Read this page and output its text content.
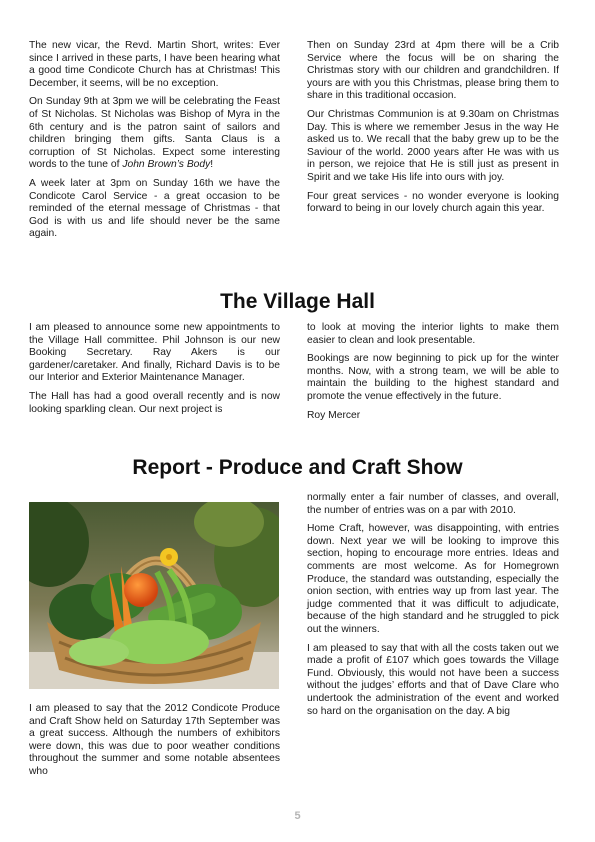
The new vicar, the Revd. Martin Short, writes: Ever since I arrived in these parts, I have been hearing what a good time Condicote Church has at Christmas! This December, it seems, will be no exception.

On Sunday 9th at 3pm we will be celebrating the Feast of St Nicholas. St Nicholas was Bishop of Myra in the 6th century and is the patron saint of sailors and children bringing them gifts. Santa Claus is a corruption of St Nicholas. Expect some interesting words to the tune of John Brown’s Body!

A week later at 3pm on Sunday 16th we have the Condicote Carol Service - a great occasion to be reminded of the eternal message of Christmas - that God is with us and life should never be the same again.

Then on Sunday 23rd at 4pm there will be a Crib Service where the focus will be on sharing the Christmas story with our children and grandchildren. If yours are with you this Christmas, please bring them to share in this traditional occasion.

Our Christmas Communion is at 9.30am on Christmas Day. This is where we remember Jesus in the way He asked us to. We recall that the baby grew up to be the Saviour of the world. 2000 years after He was with us in person, we rejoice that He is still just as present in Spirit and we take His life into ours with joy.

Four great services - no wonder everyone is looking forward to being in our lovely church again this year.

The Village Hall

I am pleased to announce some new appointments to the Village Hall committee. Phil Johnson is our new Booking Secretary. Ray Akers is our gardener/caretaker. And finally, Richard Davis is to be our Interior and Exterior Maintenance Manager.

The Hall has had a good overall recently and is now looking sparkling clean. Our next project is

to look at moving the interior lights to make them easier to clean and look presentable.

Bookings are now beginning to pick up for the winter months. Now, with a strong team, we will be able to maintain the building to the highest standard and promote the venue effectively in the future.

Roy Mercer

Report - Produce and Craft Show

I am pleased to say that the 2012 Condicote Produce and Craft Show held on Saturday 17th September was a great success. Although the numbers of exhibitors were down, this was due to poor weather conditions throughout the summer and some notable absentees who

normally enter a fair number of classes, and overall, the number of entries was on a par with 2010.

Home Craft, however, was disappointing, with entries down. Next year we will be looking to improve this section, hoping to encourage more entries. Ideas and comments are most welcome. As for Homegrown Produce, the standard was outstanding, especially the onion section, with entries way up from last year. The judge commented that it was difficult to adjudicate, because of the high standard and he struggled to pick out the winners.

I am pleased to say that with all the costs taken out we made a profit of £107 which goes towards the Village Fund. Obviously, this would not have been a success without the judges’ efforts and that of Dave Clare who undertook the administration of the event and worked so hard on the organisation on the day. A big

5
